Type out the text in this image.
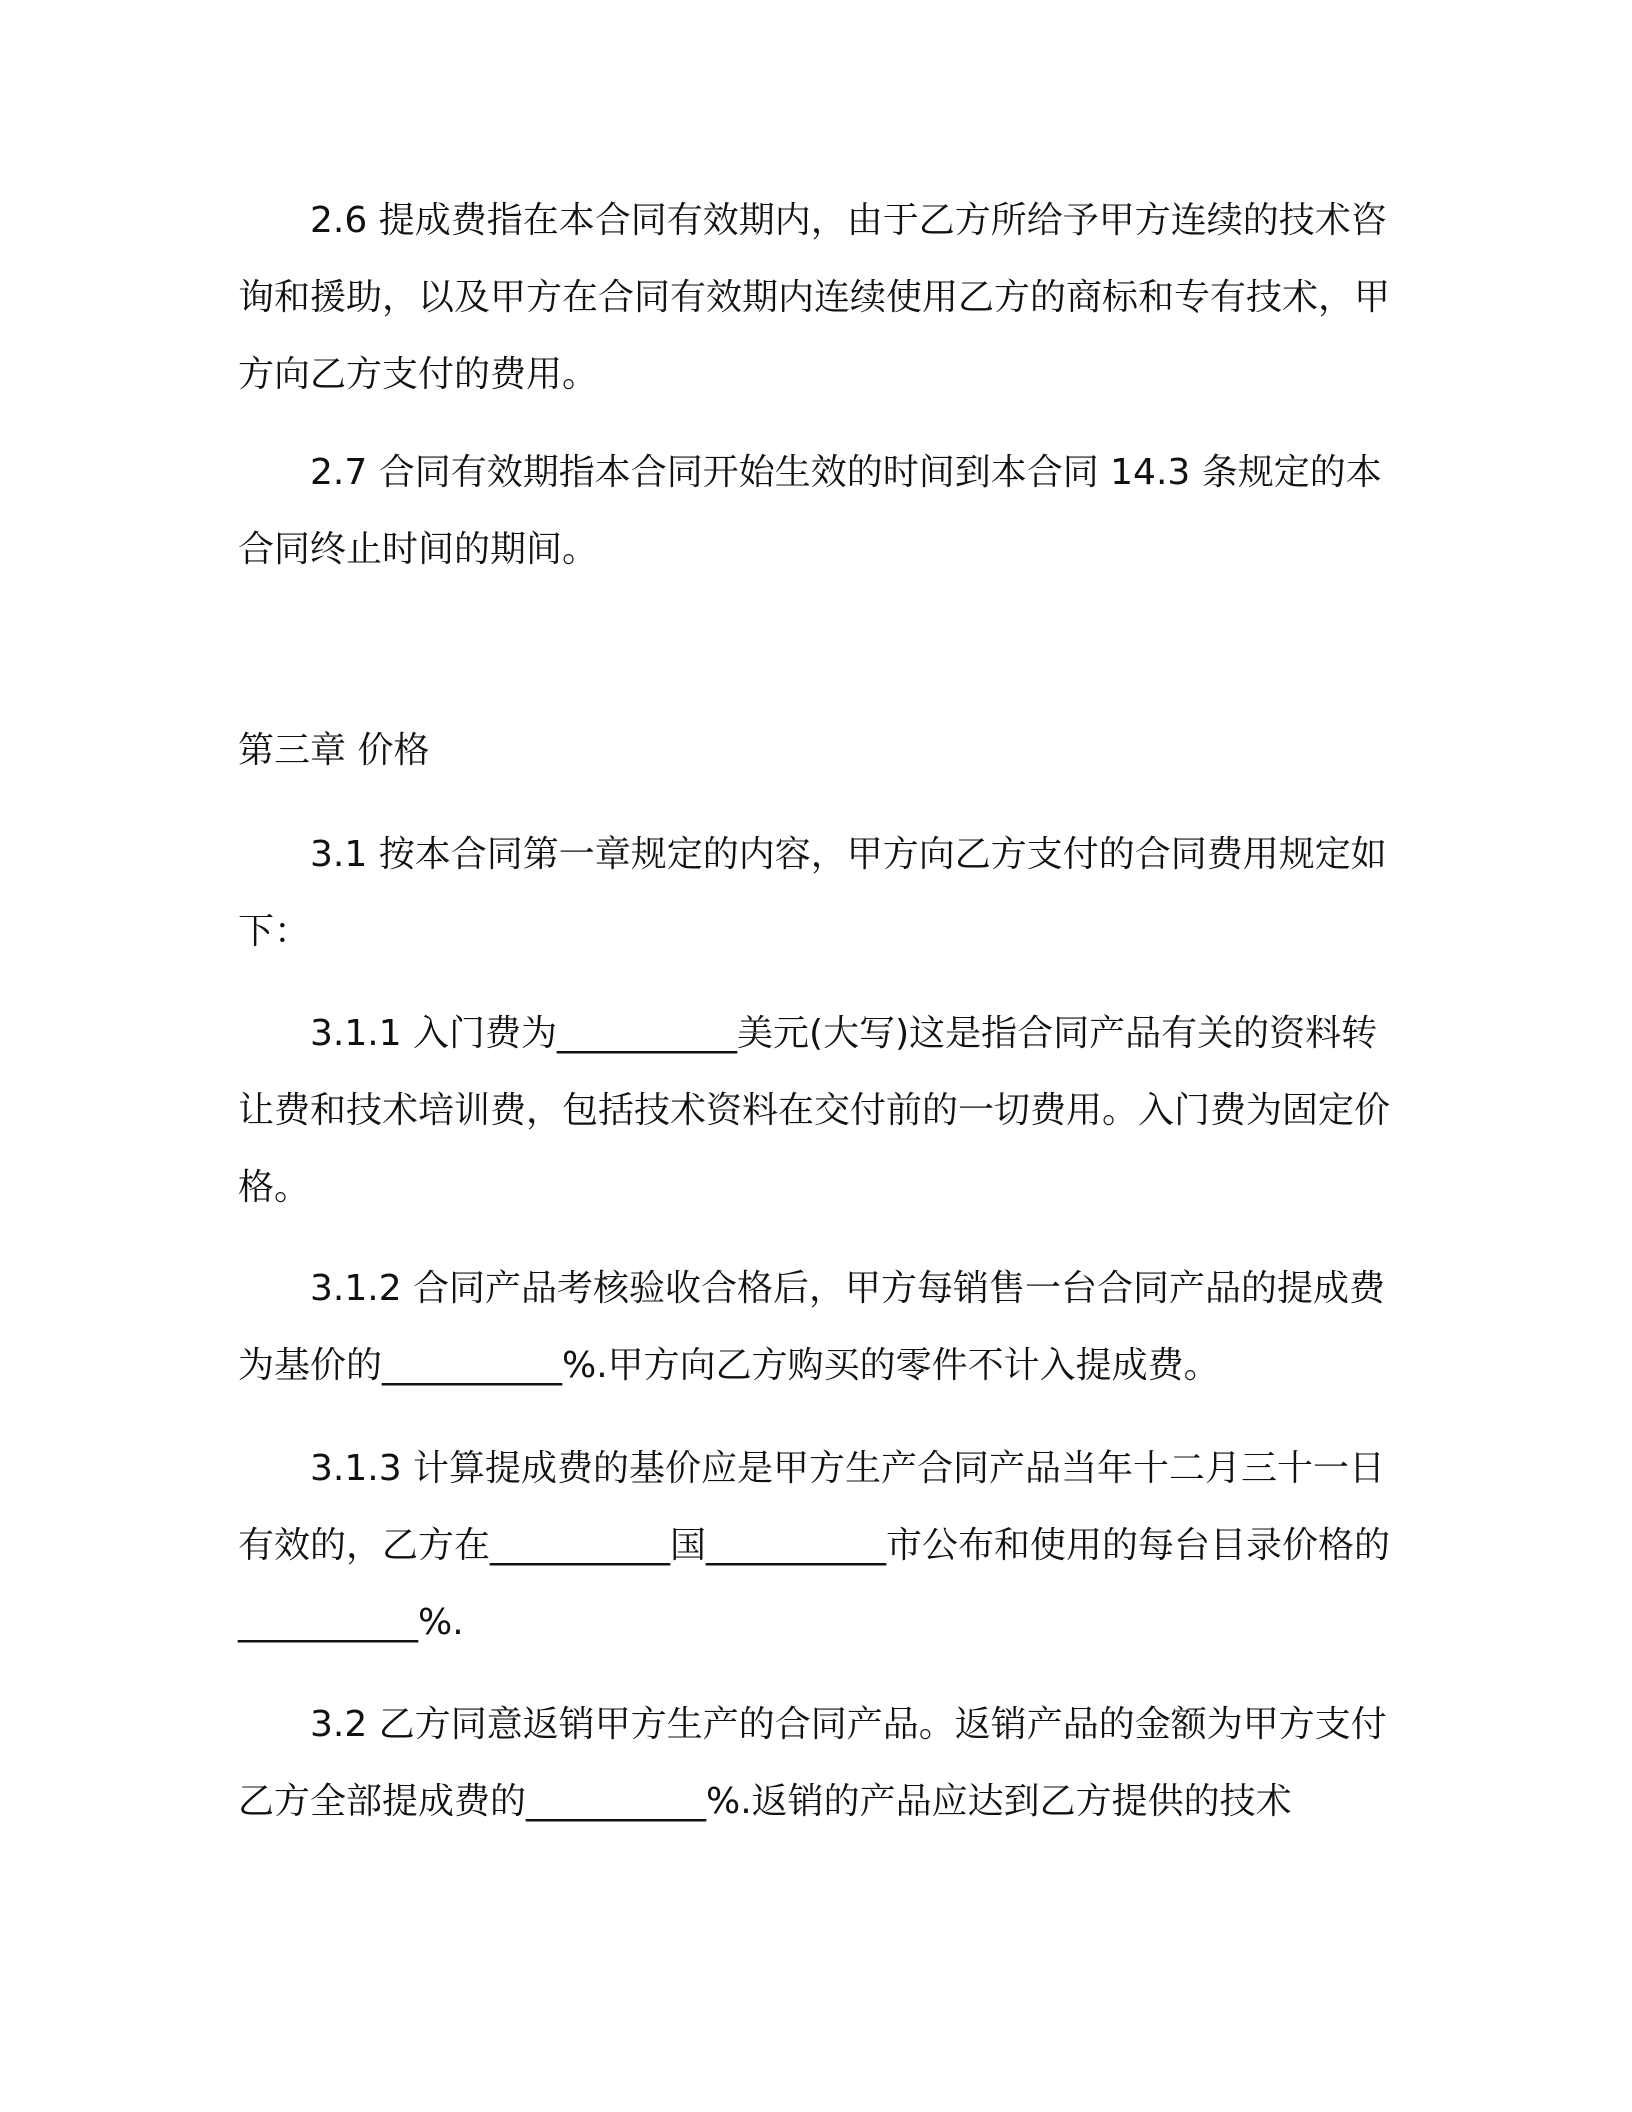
2.6 提成费指在本合同有效期内，由于乙方所给予甲方连续的技术咨询和援助，以及甲方在合同有效期内连续使用乙方的商标和专有技术，甲方向乙方支付的费用。

2.7 合同有效期指本合同开始生效的时间到本合同 14.3 条规定的本合同终止时间的期间。

第三章 价格

3.1 按本合同第一章规定的内容，甲方向乙方支付的合同费用规定如下：

3.1.1 入门费为__________美元(大写)这是指合同产品有关的资料转让费和技术培训费，包括技术资料在交付前的一切费用。入门费为固定价格。

3.1.2 合同产品考核验收合格后，甲方每销售一台合同产品的提成费为基价的__________%.甲方向乙方购买的零件不计入提成费。

3.1.3 计算提成费的基价应是甲方生产合同产品当年十二月三十一日有效的，乙方在__________国__________市公布和使用的每台目录价格的__________%.

3.2 乙方同意返销甲方生产的合同产品。返销产品的金额为甲方支付乙方全部提成费的__________%.返销的产品应达到乙方提供的技术
